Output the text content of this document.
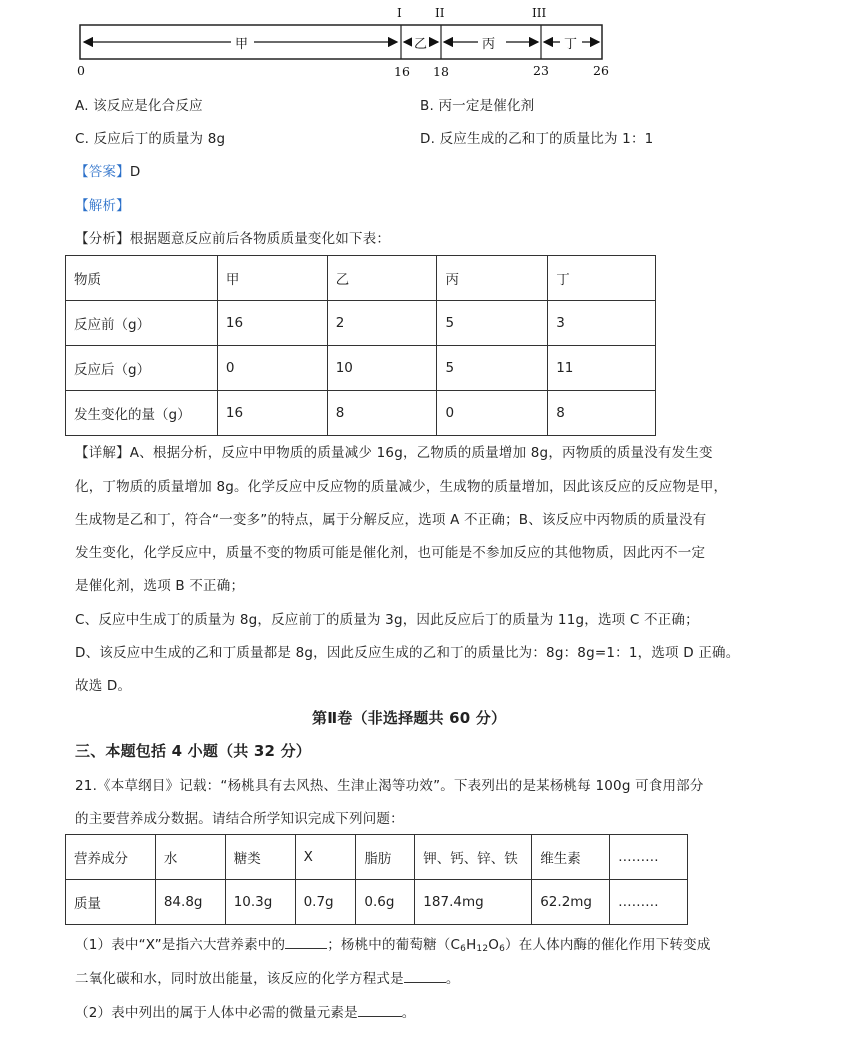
I	II	III
甲	乙	丙	丁
0	16 18	23	26
A. 该反应是化合反应	B. 丙一定是催化剂
C. 反应后丁的质量为 8g	D. 反应生成的乙和丁的质量比为 1：1
【答案】D
【解析】
【分析】根据题意反应前后各物质质量变化如下表：
物质	甲	乙	丙	丁
反应前（g）	16	2	5	3
反应后（g）	0	10	5	11
发生变化的量（g）	16	8	0	8
【详解】A、根据分析，反应中甲物质的质量减少 16g，乙物质的质量增加 8g，丙物质的质量没有发生变
化，丁物质的质量增加 8g。化学反应中反应物的质量减少，生成物的质量增加，因此该反应的反应物是甲，
生成物是乙和丁，符合“一变多”的特点，属于分解反应，选项 A 不正确；B、该反应中丙物质的质量没有
发生变化，化学反应中，质量不变的物质可能是催化剂，也可能是不参加反应的其他物质，因此丙不一定
是催化剂，选项 B 不正确；
C、反应中生成丁的质量为 8g，反应前丁的质量为 3g，因此反应后丁的质量为 11g，选项 C 不正确；
D、该反应中生成的乙和丁质量都是 8g，因此反应生成的乙和丁的质量比为：8g：8g=1：1，选项 D 正确。
故选 D。
第Ⅱ卷（非选择题共 60 分）
三、本题包括 4 小题（共 32 分）
21.《本草纲目》记载：“杨桃具有去风热、生津止渴等功效”。下表列出的是某杨桃每 100g 可食用部分
的主要营养成分数据。请结合所学知识完成下列问题：
营养成分	水	糖类	X	脂肪	钾、钙、锌、铁	维生素	………
质量	84.8g	10.3g	0.7g	0.6g	187.4mg	62.2mg	………
（1）表中“X”是指六大营养素中的	；杨桃中的葡萄糖$(C_6H_{12}O_6)$在人体内酶的催化作用下转变成
二氧化碳和水，同时放出能量，该反应的化学方程式是	。
（2）表中列出的属于人体中必需的微量元素是	。
